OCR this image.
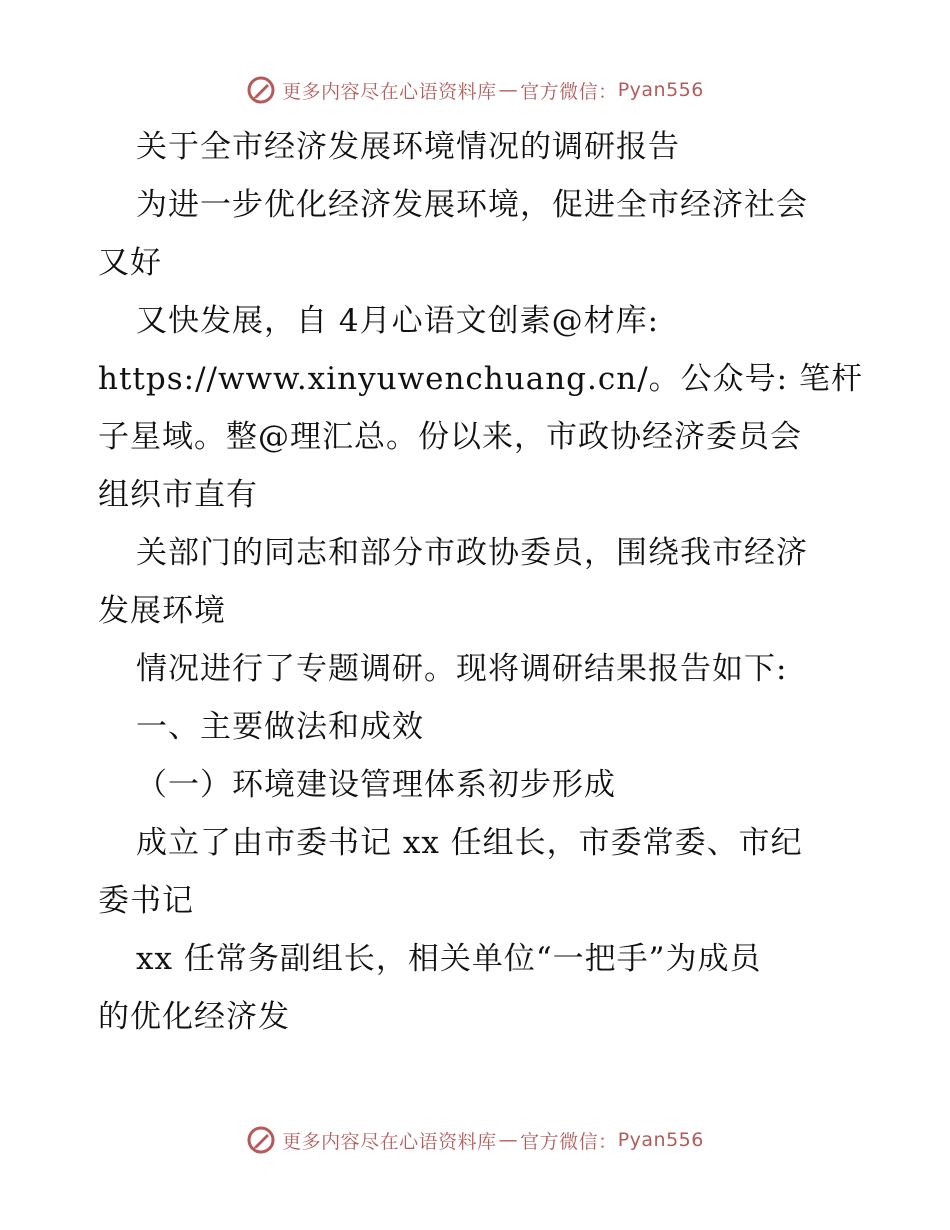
更多内容尽在心语资料库 — 官方微信： Pyan556
关于全市经济发展环境情况的调研报告
为进一步优化经济发展环境，促进全市经济社会
又好
又快发展，自 4月心语文创素@材库:
https://www.xinyuwenchuang.cn/。公众号: 笔杆
子星域。整@理汇总。份以来，市政协经济委员会
组织市直有
关部门的同志和部分市政协委员，围绕我市经济
发展环境
情况进行了专题调研。现将调研结果报告如下:
一、主要做法和成效
（一）环境建设管理体系初步形成
成立了由市委书记 xx 任组长，市委常委、市纪
委书记
xx 任常务副组长，相关单位“一把手”为成员
的优化经济发
更多内容尽在心语资料库 — 官方微信： Pyan556
